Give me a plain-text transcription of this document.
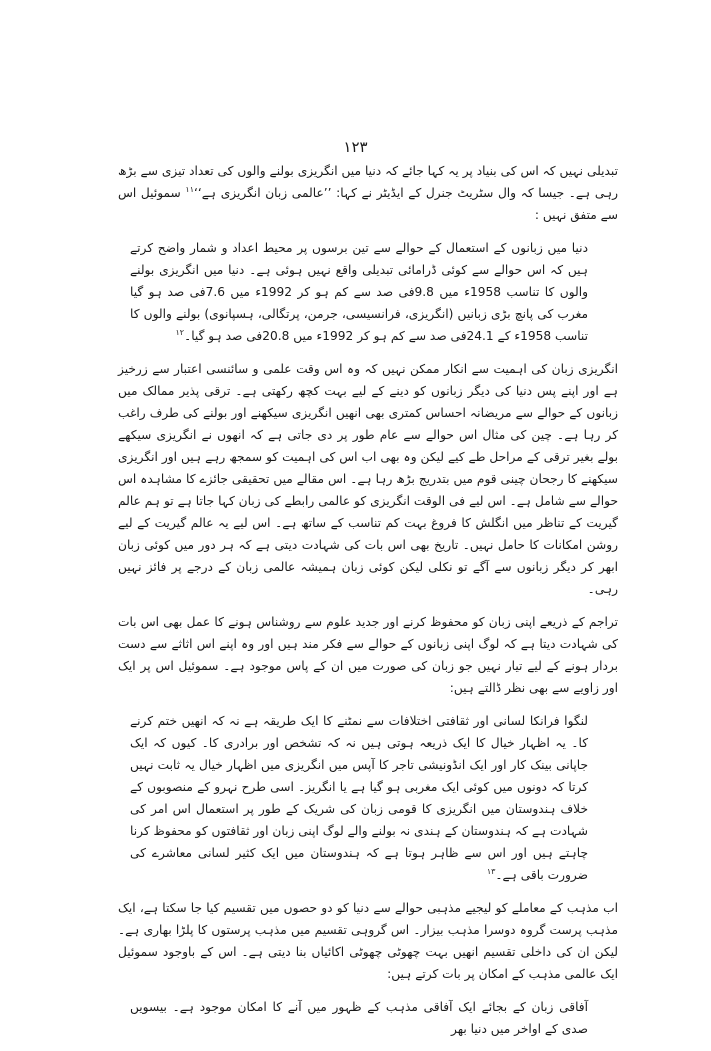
۱۲۳

تبدیلی نہیں کہ اس کی بنیاد پر یہ کہا جائے کہ دنیا میں انگریزی بولنے والوں کی تعداد تیزی سے بڑھ رہی ہے۔ جیسا کہ وال سٹریٹ جنرل کے ایڈیٹر نے کہا: ’’عالمی زبان انگریزی ہے‘‘$^{۱۱}$ سموئیل اس سے متفق نہیں :

دنیا میں زبانوں کے استعمال کے حوالے سے تین برسوں پر محیط اعداد و شمار واضح کرتے ہیں کہ اس حوالے سے کوئی ڈرامائی تبدیلی واقع نہیں ہوئی ہے۔ دنیا میں انگریزی بولنے والوں کا تناسب 1958ء میں 9.8فی صد سے کم ہو کر 1992ء میں 7.6فی صد ہو گیا مغرب کی پانچ بڑی زبانیں (انگریزی، فرانسیسی، جرمن، پرتگالی، ہسپانوی) بولنے والوں کا تناسب 1958ء کے 24.1فی صد سے کم ہو کر 1992ء میں 20.8فی صد ہو گیا۔$^{۱۲}$

انگریزی زبان کی اہمیت سے انکار ممکن نہیں کہ وہ اس وقت علمی و سائنسی اعتبار سے زرخیز ہے اور اپنے پس دنیا کی دیگر زبانوں کو دینے کے لیے بہت کچھ رکھتی ہے۔ ترقی پذیر ممالک میں زبانوں کے حوالے سے مریضانہ احساس کمتری بھی انھیں انگریزی سیکھنے اور بولنے کی طرف راغب کر رہا ہے۔ چین کی مثال اس حوالے سے عام طور پر دی جاتی ہے کہ انھوں نے انگریزی سیکھے بولے بغیر ترقی کے مراحل طے کیے لیکن وہ بھی اب اس کی اہمیت کو سمجھ رہے ہیں اور انگریزی سیکھنے کا رجحان چینی قوم میں بتدریج بڑھ رہا ہے۔ اس مقالے میں تحقیقی جائزے کا مشاہدہ اس حوالے سے شامل ہے۔ اس لیے فی الوقت انگریزی کو عالمی رابطے کی زبان کہا جاتا ہے تو ہم عالم گیریت کے تناظر میں انگلش کا فروغ بہت کم تناسب کے ساتھ ہے۔ اس لیے یہ عالم گیریت کے لیے روشن امکانات کا حامل نہیں۔ تاریخ بھی اس بات کی شہادت دیتی ہے کہ ہر دور میں کوئی زبان ابھر کر دیگر زبانوں سے آگے تو نکلی لیکن کوئی زبان ہمیشہ عالمی زبان کے درجے پر فائز نہیں رہی۔

تراجم کے ذریعے اپنی زبان کو محفوظ کرنے اور جدید علوم سے روشناس ہونے کا عمل بھی اس بات کی شہادت دیتا ہے کہ لوگ اپنی زبانوں کے حوالے سے فکر مند ہیں اور وہ اپنے اس اثاثے سے دست بردار ہونے کے لیے تیار نہیں جو زبان کی صورت میں ان کے پاس موجود ہے۔ سموئیل اس پر ایک اور زاویے سے بھی نظر ڈالتے ہیں:

لنگوا فرانکا لسانی اور ثقافتی اختلافات سے نمٹنے کا ایک طریقہ ہے نہ کہ انھیں ختم کرنے کا۔ یہ اظہار خیال کا ایک ذریعہ ہوتی ہیں نہ کہ تشخص اور برادری کا۔ کیوں کہ ایک جاپانی بینک کار اور ایک انڈونیشی تاجر کا آپس میں انگریزی میں اظہار خیال یہ ثابت نہیں کرتا کہ دونوں میں کوئی ایک مغربی ہو گیا ہے یا انگریز۔ اسی طرح نہرو کے منصوبوں کے خلاف ہندوستان میں انگریزی کا قومی زبان کی شریک کے طور پر استعمال اس امر کی شہادت ہے کہ ہندوستان کے ہندی نہ بولنے والے لوگ اپنی زبان اور ثقافتوں کو محفوظ کرنا چاہتے ہیں اور اس سے ظاہر ہوتا ہے کہ ہندوستان میں ایک کثیر لسانی معاشرے کی ضرورت باقی ہے۔$^{۱۳}$

اب مذہب کے معاملے کو لیجیے مذہبی حوالے سے دنیا کو دو حصوں میں تقسیم کیا جا سکتا ہے، ایک مذہب پرست گروہ دوسرا مذہب بیزار۔ اس گروہی تقسیم میں مذہب پرستوں کا پلڑا بھاری ہے۔ لیکن ان کی داخلی تقسیم انھیں بہت چھوٹی چھوٹی اکائیاں بنا دیتی ہے۔ اس کے باوجود سموئیل ایک عالمی مذہب کے امکان پر بات کرتے ہیں:

آفاقی زبان کے بجائے ایک آفاقی مذہب کے ظہور میں آنے کا امکان موجود ہے۔ بیسویں صدی کے اواخر میں دنیا بھر
